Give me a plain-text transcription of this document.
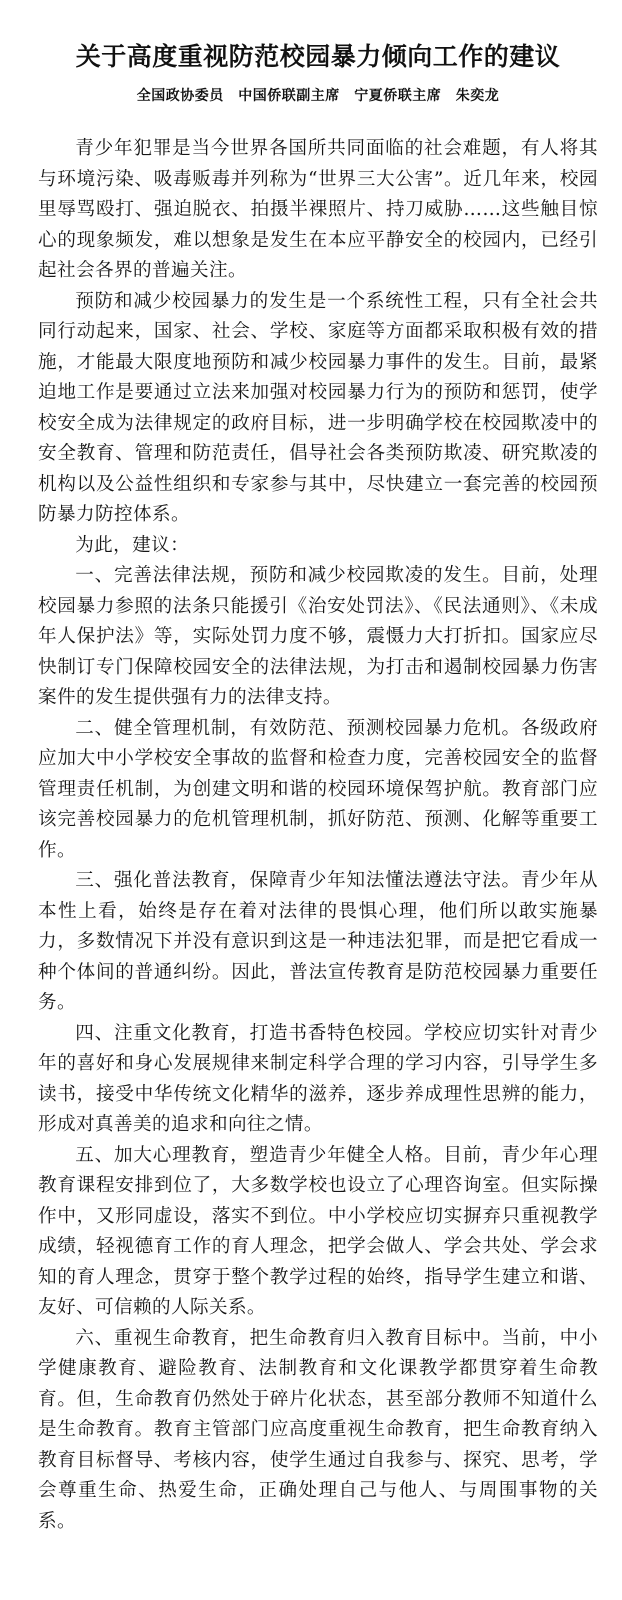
关于高度重视防范校园暴力倾向工作的建议
全国政协委员　中国侨联副主席　宁夏侨联主席　朱奕龙

青少年犯罪是当今世界各国所共同面临的社会难题，有人将其与环境污染、吸毒贩毒并列称为“世界三大公害”。近几年来，校园里辱骂殴打、强迫脱衣、拍摄半裸照片、持刀威胁……这些触目惊心的现象频发，难以想象是发生在本应平静安全的校园内，已经引起社会各界的普遍关注。

预防和减少校园暴力的发生是一个系统性工程，只有全社会共同行动起来，国家、社会、学校、家庭等方面都采取积极有效的措施，才能最大限度地预防和减少校园暴力事件的发生。目前，最紧迫地工作是要通过立法来加强对校园暴力行为的预防和惩罚，使学校安全成为法律规定的政府目标，进一步明确学校在校园欺凌中的安全教育、管理和防范责任，倡导社会各类预防欺凌、研究欺凌的机构以及公益性组织和专家参与其中，尽快建立一套完善的校园预防暴力防控体系。

为此，建议：

一、完善法律法规，预防和减少校园欺凌的发生。目前，处理校园暴力参照的法条只能援引《治安处罚法》、《民法通则》、《未成年人保护法》等，实际处罚力度不够，震慑力大打折扣。国家应尽快制订专门保障校园安全的法律法规，为打击和遏制校园暴力伤害案件的发生提供强有力的法律支持。

二、健全管理机制，有效防范、预测校园暴力危机。各级政府应加大中小学校安全事故的监督和检查力度，完善校园安全的监督管理责任机制，为创建文明和谐的校园环境保驾护航。教育部门应该完善校园暴力的危机管理机制，抓好防范、预测、化解等重要工作。

三、强化普法教育，保障青少年知法懂法遵法守法。青少年从本性上看，始终是存在着对法律的畏惧心理，他们所以敢实施暴力，多数情况下并没有意识到这是一种违法犯罪，而是把它看成一种个体间的普通纠纷。因此，普法宣传教育是防范校园暴力重要任务。

四、注重文化教育，打造书香特色校园。学校应切实针对青少年的喜好和身心发展规律来制定科学合理的学习内容，引导学生多读书，接受中华传统文化精华的滋养，逐步养成理性思辨的能力，形成对真善美的追求和向往之情。

五、加大心理教育，塑造青少年健全人格。目前，青少年心理教育课程安排到位了，大多数学校也设立了心理咨询室。但实际操作中，又形同虚设，落实不到位。中小学校应切实摒弃只重视教学成绩，轻视德育工作的育人理念，把学会做人、学会共处、学会求知的育人理念，贯穿于整个教学过程的始终，指导学生建立和谐、友好、可信赖的人际关系。

六、重视生命教育，把生命教育归入教育目标中。当前，中小学健康教育、避险教育、法制教育和文化课教学都贯穿着生命教育。但，生命教育仍然处于碎片化状态，甚至部分教师不知道什么是生命教育。教育主管部门应高度重视生命教育，把生命教育纳入教育目标督导、考核内容，使学生通过自我参与、探究、思考，学会尊重生命、热爱生命，正确处理自己与他人、与周围事物的关系。
